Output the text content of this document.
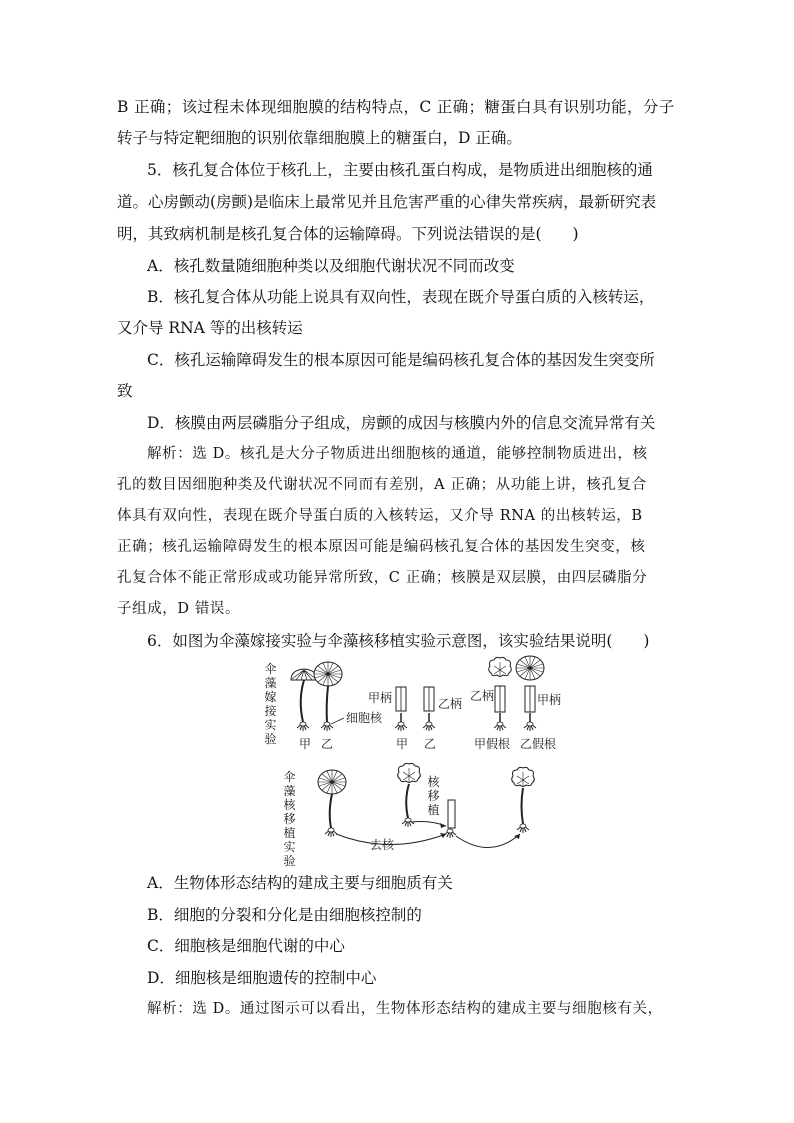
B 正确；该过程未体现细胞膜的结构特点，C 正确；糖蛋白具有识别功能，分子
转子与特定靶细胞的识别依靠细胞膜上的糖蛋白，D 正确。
5．核孔复合体位于核孔上，主要由核孔蛋白构成，是物质进出细胞核的通
道。心房颤动(房颤)是临床上最常见并且危害严重的心律失常疾病，最新研究表
明，其致病机制是核孔复合体的运输障碍。下列说法错误的是(　　)
A．核孔数量随细胞种类以及细胞代谢状况不同而改变
B．核孔复合体从功能上说具有双向性，表现在既介导蛋白质的入核转运，
又介导 RNA 等的出核转运
C．核孔运输障碍发生的根本原因可能是编码核孔复合体的基因发生突变所
致
D．核膜由两层磷脂分子组成，房颤的成因与核膜内外的信息交流异常有关
解析：选 D。核孔是大分子物质进出细胞核的通道，能够控制物质进出，核
孔的数目因细胞种类及代谢状况不同而有差别，A 正确；从功能上讲，核孔复合
体具有双向性，表现在既介导蛋白质的入核转运，又介导 RNA 的出核转运，B
正确；核孔运输障碍发生的根本原因可能是编码核孔复合体的基因发生突变，核
孔复合体不能正常形成或功能异常所致，C 正确；核膜是双层膜，由四层磷脂分
子组成，D 错误。
6．如图为伞藻嫁接实验与伞藻核移植实验示意图，该实验结果说明(　　)
A．生物体形态结构的建成主要与细胞质有关
B．细胞的分裂和分化是由细胞核控制的
C．细胞核是细胞代谢的中心
D．细胞核是细胞遗传的控制中心
解析：选 D。通过图示可以看出，生物体形态结构的建成主要与细胞核有关，
伞藻嫁接实验
伞藻核移植实验
核移植
甲 乙
细胞核
甲柄	乙柄
甲 乙
乙柄	甲柄
甲假根 乙假根
去核
